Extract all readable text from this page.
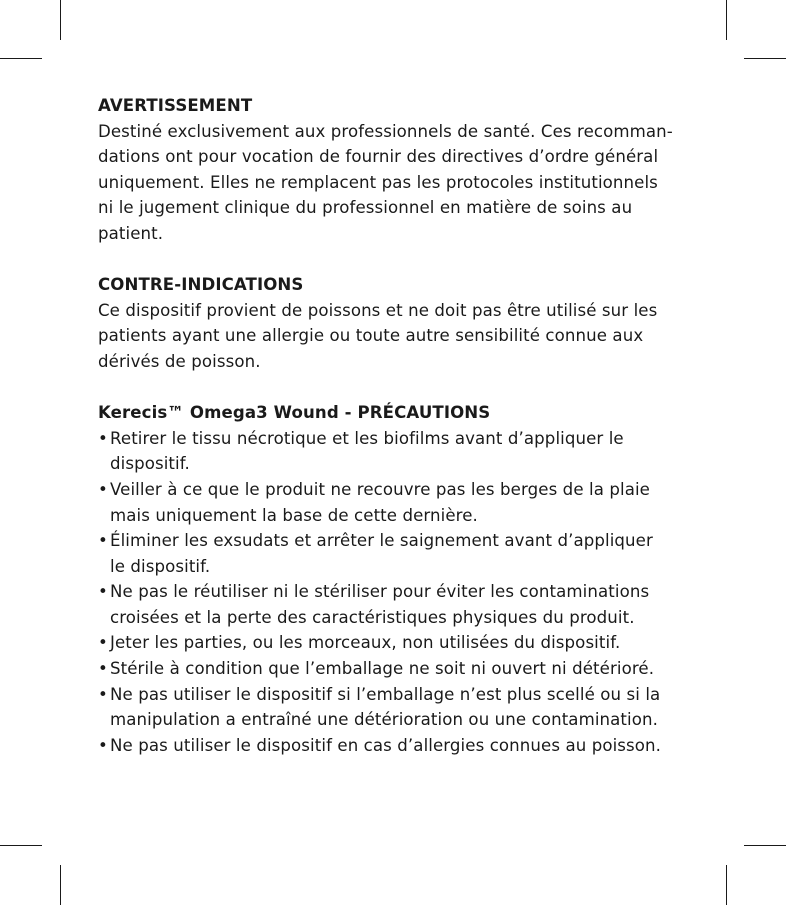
AVERTISSEMENT

Destiné exclusivement aux professionnels de santé. Ces recomman-
dations ont pour vocation de fournir des directives d’ordre général
uniquement. Elles ne remplacent pas les protocoles institutionnels
ni le jugement clinique du professionnel en matière de soins au
patient.

CONTRE-INDICATIONS

Ce dispositif provient de poissons et ne doit pas être utilisé sur les
patients ayant une allergie ou toute autre sensibilité connue aux
dérivés de poisson.

Kerecis™ Omega3 Wound - PRÉCAUTIONS

• Retirer le tissu nécrotique et les biofilms avant d’appliquer le
dispositif.
• Veiller à ce que le produit ne recouvre pas les berges de la plaie
mais uniquement la base de cette dernière.
• Éliminer les exsudats et arrêter le saignement avant d’appliquer
le dispositif.
• Ne pas le réutiliser ni le stériliser pour éviter les contaminations
croisées et la perte des caractéristiques physiques du produit.
• Jeter les parties, ou les morceaux, non utilisées du dispositif.
• Stérile à condition que l’emballage ne soit ni ouvert ni détérioré.
• Ne pas utiliser le dispositif si l’emballage n’est plus scellé ou si la
manipulation a entraîné une détérioration ou une contamination.
• Ne pas utiliser le dispositif en cas d’allergies connues au poisson.
